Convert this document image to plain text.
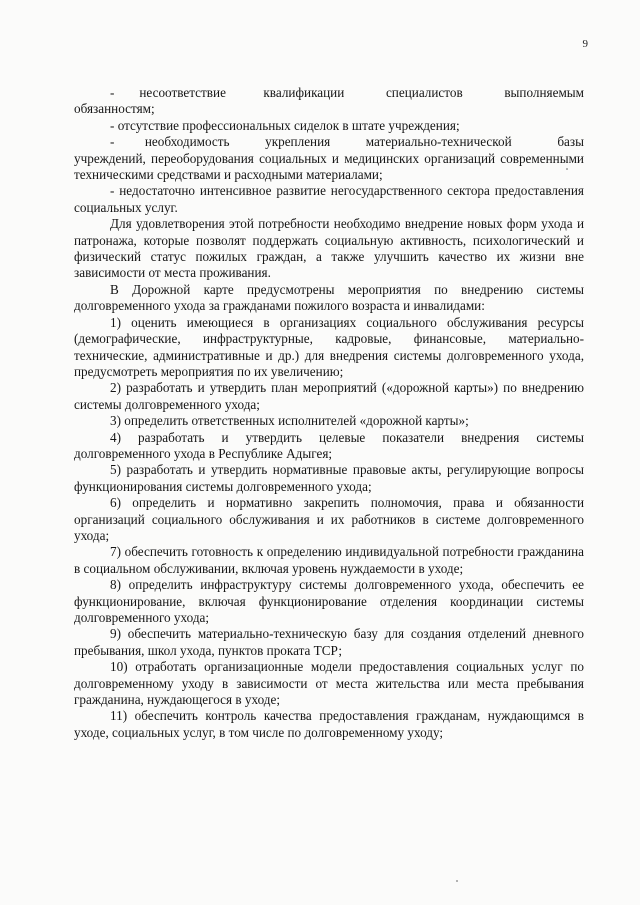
9

-      несоответствие         квалификации          специалистов          выполняемым обязанностям;

- отсутствие профессиональных сиделок в штате учреждения;

-      необходимость       укрепления       материально-технической         базы учреждений, переоборудования социальных и медицинских организаций современными техническими средствами и расходными материалами;

- недостаточно интенсивное развитие негосударственного сектора предоставления социальных услуг.

Для удовлетворения этой потребности необходимо внедрение новых форм ухода и патронажа, которые позволят поддержать социальную активность, психологический и физический статус пожилых граждан, а также улучшить качество их жизни вне зависимости от места проживания.

В Дорожной карте предусмотрены мероприятия по внедрению системы долговременного ухода за гражданами пожилого возраста и инвалидами:

1) оценить имеющиеся в организациях социального обслуживания ресурсы (демографические, инфраструктурные, кадровые, финансовые, материально- технические, административные и др.) для внедрения системы долговременного ухода, предусмотреть мероприятия по их увеличению;

2) разработать и утвердить план мероприятий («дорожной карты») по внедрению системы долговременного ухода;

3) определить ответственных исполнителей «дорожной карты»;

4) разработать и утвердить целевые показатели внедрения системы долговременного ухода в Республике Адыгея;

5) разработать и утвердить нормативные правовые акты, регулирующие вопросы функционирования системы долговременного ухода;

6) определить и нормативно закрепить полномочия, права и обязанности организаций социального обслуживания и их работников в системе долговременного ухода;

7) обеспечить готовность к определению индивидуальной потребности гражданина в социальном обслуживании, включая уровень нуждаемости в уходе;

8) определить инфраструктуру системы долговременного ухода, обеспечить ее функционирование, включая функционирование отделения координации системы долговременного ухода;

9) обеспечить материально-техническую базу для создания отделений дневного пребывания, школ ухода, пунктов проката ТСР;

10) отработать организационные модели предоставления социальных услуг по долговременному уходу в зависимости от места жительства или места пребывания гражданина, нуждающегося в уходе;

11) обеспечить контроль качества предоставления гражданам, нуждающимся в уходе, социальных услуг, в том числе по долговременному уходу;
